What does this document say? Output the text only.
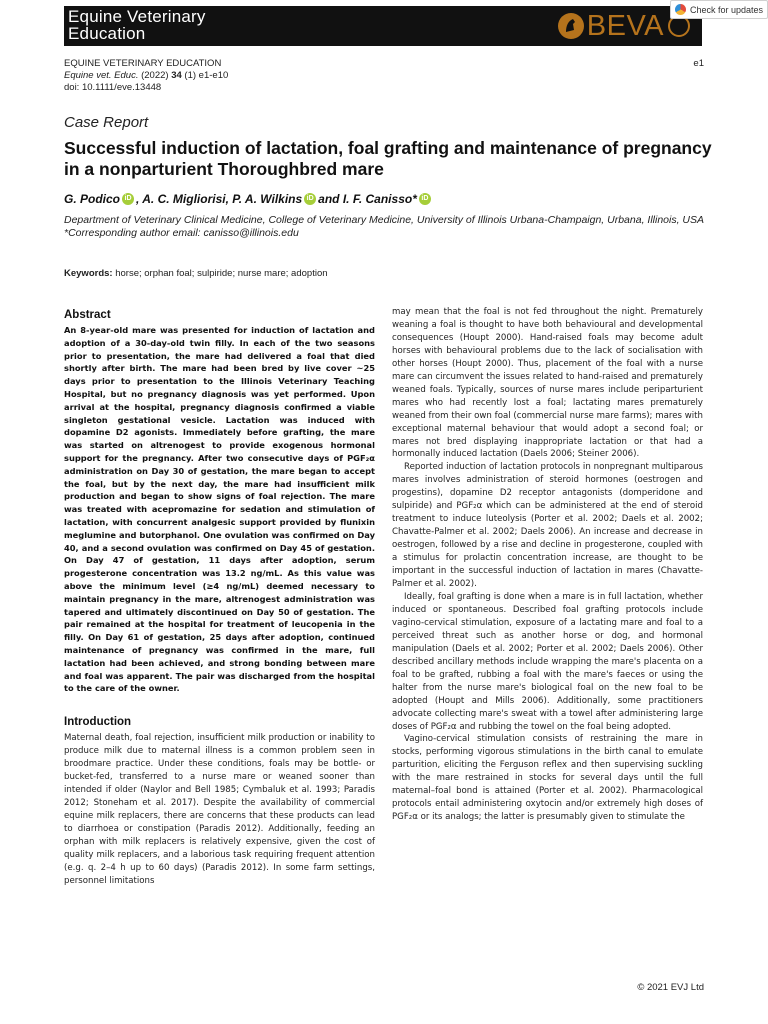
Equine Veterinary
Education	BEVA	Check for updates
EQUINE VETERINARY EDUCATION
Equine vet. Educ. (2022) 34 (1) e1-e10
doi: 10.1111/eve.13448
e1
Case Report
Successful induction of lactation, foal grafting and maintenance of pregnancy in a nonparturient Thoroughbred mare
G. Podico iD , A. C. Migliorisi, P. A. Wilkins iD and I. F. Canisso* iD
Department of Veterinary Clinical Medicine, College of Veterinary Medicine, University of Illinois Urbana-Champaign, Urbana, Illinois, USA
*Corresponding author email: canisso@illinois.edu
Keywords: horse; orphan foal; sulpiride; nurse mare; adoption
Abstract

An 8-year-old mare was presented for induction of lactation and adoption of a 30-day-old twin filly. In each of the two seasons prior to presentation, the mare had delivered a foal that died shortly after birth. The mare had been bred by live cover ~25 days prior to presentation to the Illinois Veterinary Teaching Hospital, but no pregnancy diagnosis was yet performed. Upon arrival at the hospital, pregnancy diagnosis confirmed a viable singleton gestational vesicle. Lactation was induced with dopamine D2 agonists. Immediately before grafting, the mare was started on altrenogest to provide exogenous hormonal support for the pregnancy. After two consecutive days of PGF₂α administration on Day 30 of gestation, the mare began to accept the foal, but by the next day, the mare had insufficient milk production and began to show signs of foal rejection. The mare was treated with acepromazine for sedation and stimulation of lactation, with concurrent analgesic support provided by flunixin meglumine and butorphanol. One ovulation was confirmed on Day 40, and a second ovulation was confirmed on Day 45 of gestation. On Day 47 of gestation, 11 days after adoption, serum progesterone concentration was 13.2 ng/mL. As this value was above the minimum level (≥4 ng/mL) deemed necessary to maintain pregnancy in the mare, altrenogest administration was tapered and ultimately discontinued on Day 50 of gestation. The pair remained at the hospital for treatment of leucopenia in the filly. On Day 61 of gestation, 25 days after adoption, continued maintenance of pregnancy was confirmed in the mare, full lactation had been achieved, and strong bonding between mare and foal was apparent. The pair was discharged from the hospital to the care of the owner.

Introduction

Maternal death, foal rejection, insufficient milk production or inability to produce milk due to maternal illness is a common problem seen in broodmare practice. Under these conditions, foals may be bottle- or bucket-fed, transferred to a nurse mare or weaned sooner than intended if older (Naylor and Bell 1985; Cymbaluk et al. 1993; Paradis 2012; Stoneham et al. 2017). Despite the availability of commercial equine milk replacers, there are concerns that these products can lead to diarrhoea or constipation (Paradis 2012). Additionally, feeding an orphan with milk replacers is relatively expensive, given the cost of quality milk replacers, and a laborious task requiring frequent attention (e.g. q. 2–4 h up to 60 days) (Paradis 2012). In some farm settings, personnel limitations

may mean that the foal is not fed throughout the night. Prematurely weaning a foal is thought to have both behavioural and developmental consequences (Houpt 2000). Hand-raised foals may become adult horses with behavioural problems due to the lack of socialisation with other horses (Houpt 2000). Thus, placement of the foal with a nurse mare can circumvent the issues related to hand-raised and prematurely weaned foals. Typically, sources of nurse mares include periparturient mares who had recently lost a foal; lactating mares prematurely weaned from their own foal (commercial nurse mare farms); mares with exceptional maternal behaviour that would adopt a second foal; or mares not bred displaying inappropriate lactation or that had a hormonally induced lactation (Daels 2006; Steiner 2006).

Reported induction of lactation protocols in nonpregnant multiparous mares involves administration of steroid hormones (oestrogen and progestins), dopamine D2 receptor antagonists (domperidone and sulpiride) and PGF₂α which can be administered at the end of steroid treatment to induce luteolysis (Porter et al. 2002; Daels et al. 2002; Chavatte-Palmer et al. 2002; Daels 2006). An increase and decrease in oestrogen, followed by a rise and decline in progesterone, coupled with a stimulus for prolactin concentration increase, are thought to be important in the successful induction of lactation in mares (Chavatte-Palmer et al. 2002).

Ideally, foal grafting is done when a mare is in full lactation, whether induced or spontaneous. Described foal grafting protocols include vagino-cervical stimulation, exposure of a lactating mare and foal to a perceived threat such as another horse or dog, and hormonal manipulation (Daels et al. 2002; Porter et al. 2002; Daels 2006). Other described ancillary methods include wrapping the mare's placenta on a foal to be grafted, rubbing a foal with the mare's faeces or using the halter from the nurse mare's biological foal on the new foal to be adopted (Houpt and Mills 2006). Additionally, some practitioners advocate collecting mare's sweat with a towel after administering large doses of PGF₂α and rubbing the towel on the foal being adopted.

Vagino-cervical stimulation consists of restraining the mare in stocks, performing vigorous stimulations in the birth canal to emulate parturition, eliciting the Ferguson reflex and then supervising suckling with the mare restrained in stocks for several days until the full maternal–foal bond is attained (Porter et al. 2002). Pharmacological protocols entail administering oxytocin and/or extremely high doses of PGF₂α or its analogs; the latter is presumably given to stimulate the

© 2021 EVJ Ltd
